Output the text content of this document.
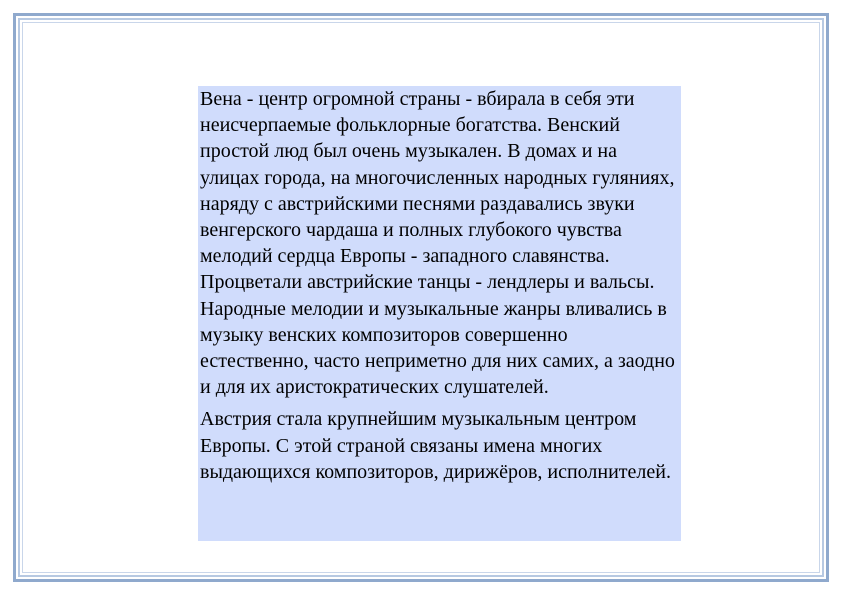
Вена - центр огромной страны - вбирала в себя эти неисчерпаемые фольклорные богатства. Венский простой люд был очень музыкален. В домах и на улицах города, на многочисленных народных гуляниях, наряду с австрийскими песнями раздавались звуки венгерского чардаша и полных глубокого чувства мелодий сердца Европы - западного славянства. Процветали австрийские танцы - лендлеры и вальсы. Народные мелодии и музыкальные жанры вливались в музыку венских композиторов совершенно естественно, часто неприметно для них самих, а заодно и для их аристократических слушателей.

Австрия стала крупнейшим музыкальным центром Европы. С этой страной связаны имена многих выдающихся композиторов, дирижёров, исполнителей.
